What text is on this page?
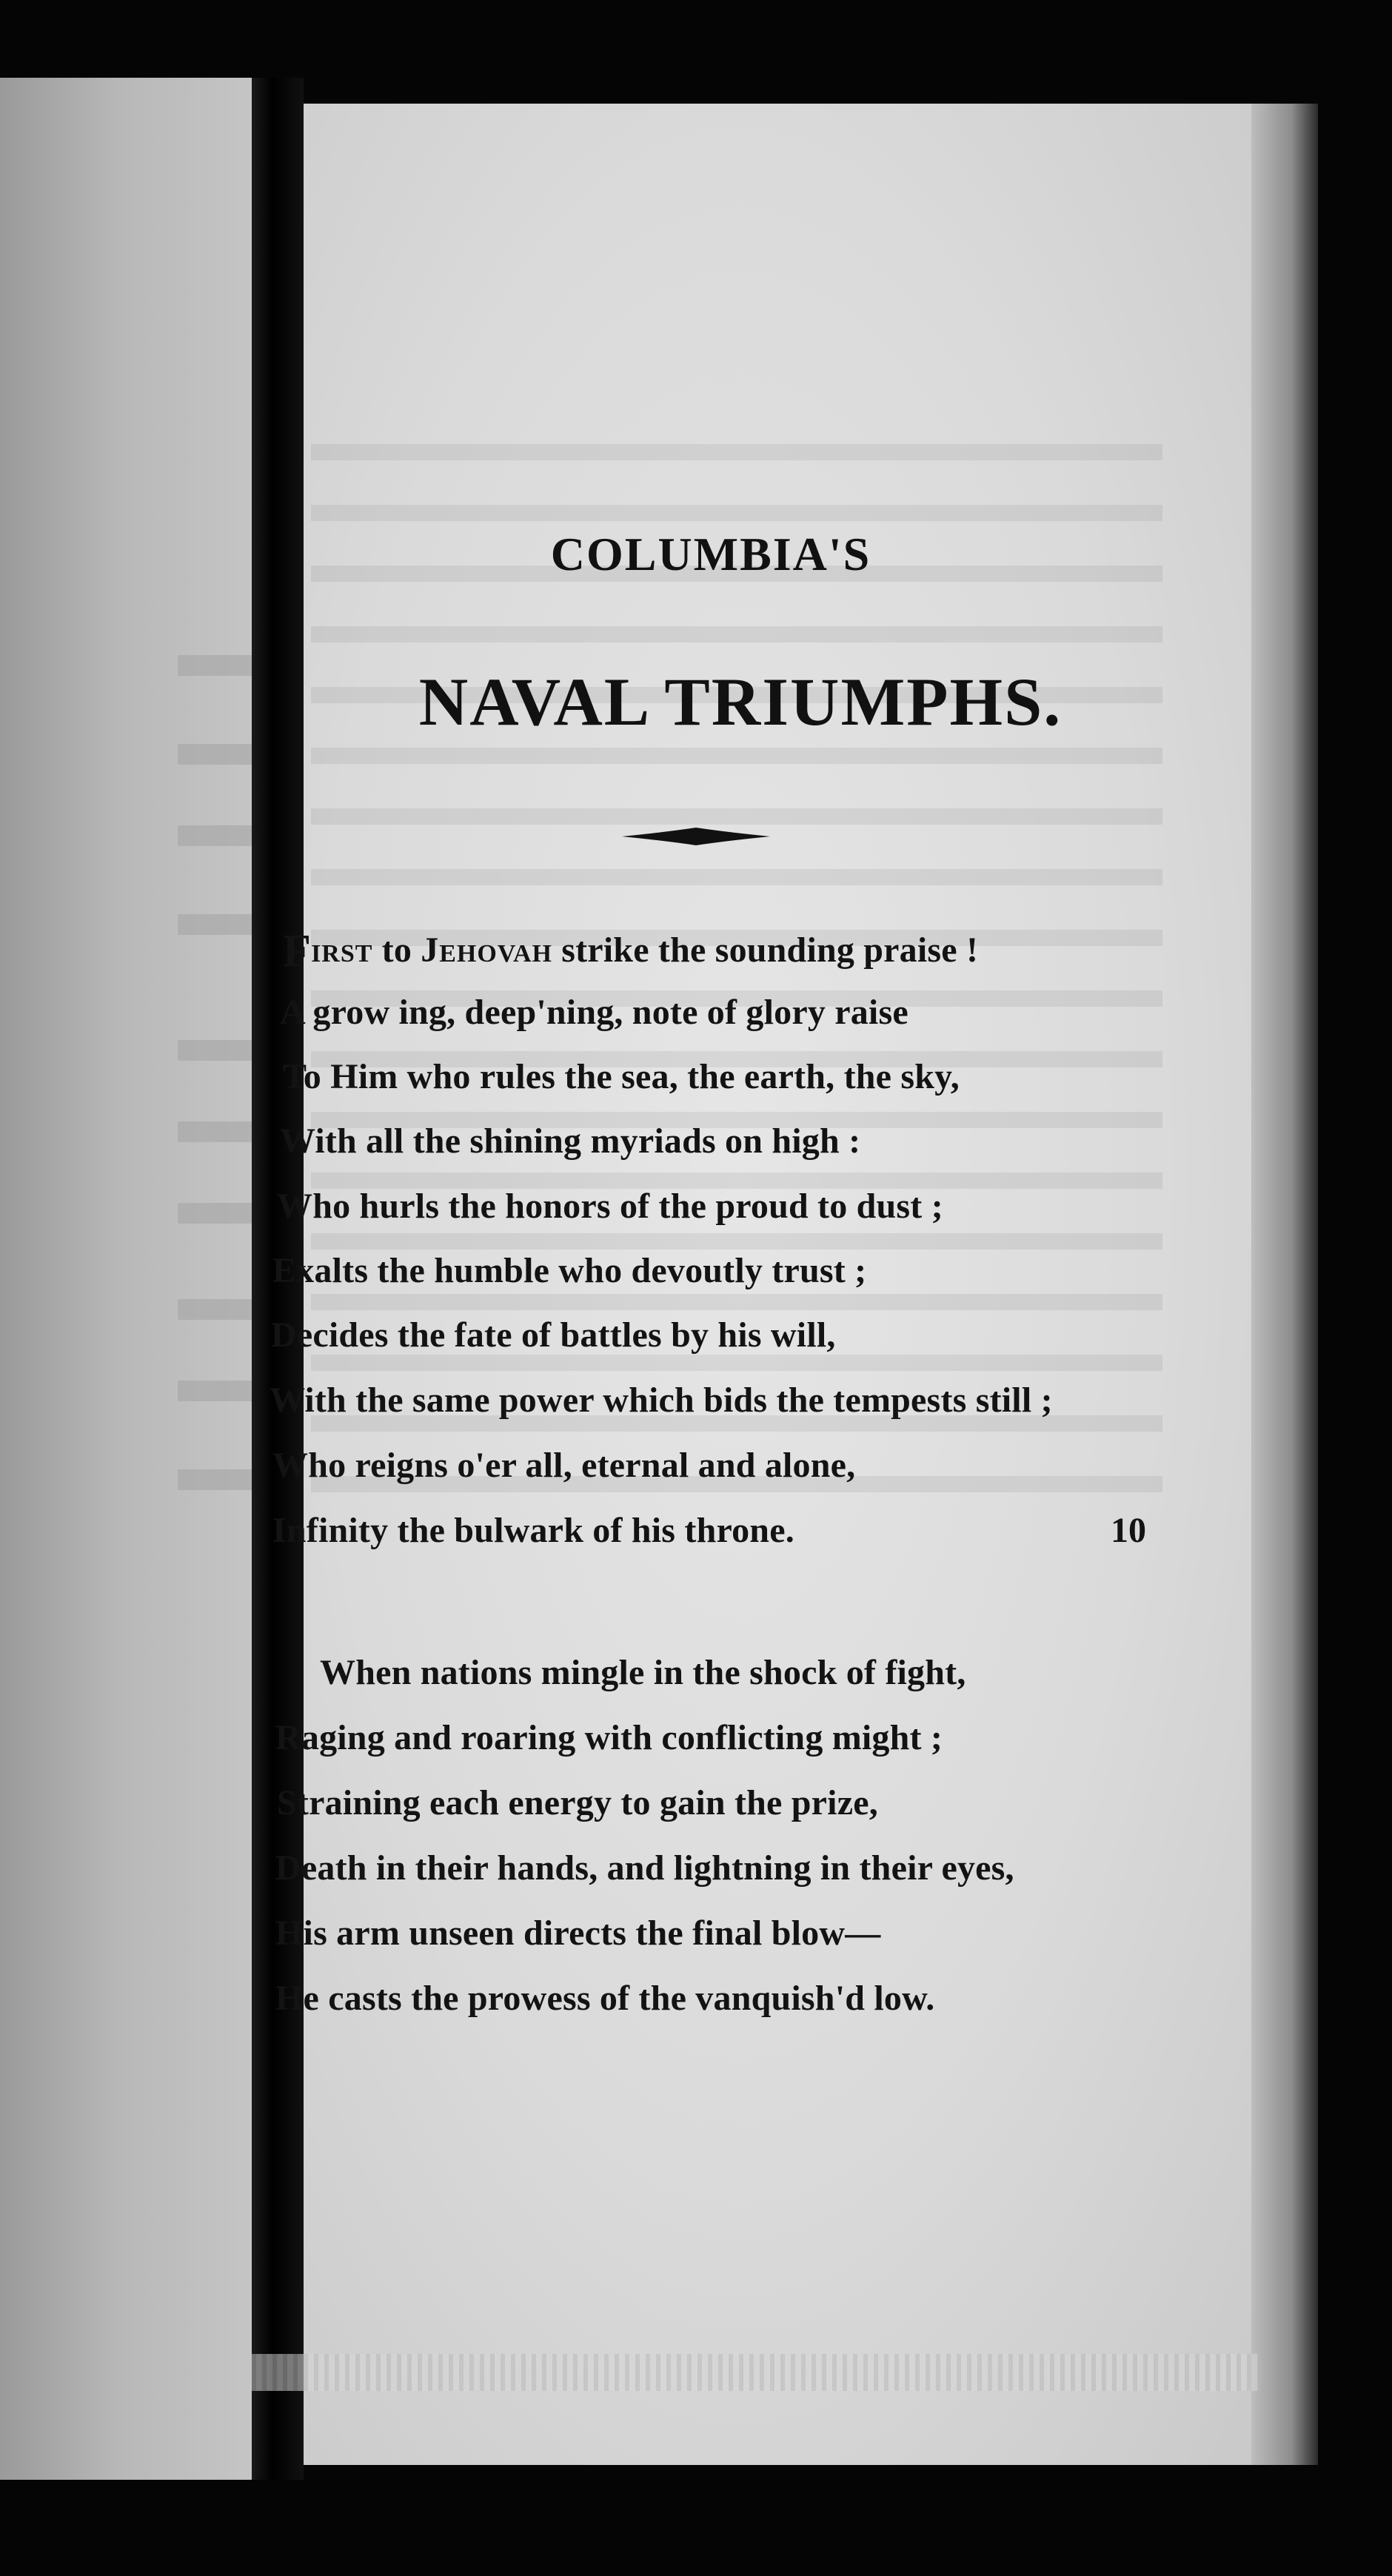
COLUMBIA'S
NAVAL TRIUMPHS.
First to Jehovah strike the sounding praise !
A grow ing, deep'ning, note of glory raise
To Him who rules the sea, the earth, the sky,
With all the shining myriads on high :
Who hurls the honors of the proud to dust ;
Exalts the humble who devoutly trust ;
Decides the fate of battles by his will,
With the same power which bids the tempests still ;
Who reigns o'er all, eternal and alone,
Infinity the bulwark of his throne.	10
When nations mingle in the shock of fight,
Raging and roaring with conflicting might ;
Straining each energy to gain the prize,
Death in their hands, and lightning in their eyes,
His arm unseen directs the final blow—
He casts the prowess of the vanquish'd low.
